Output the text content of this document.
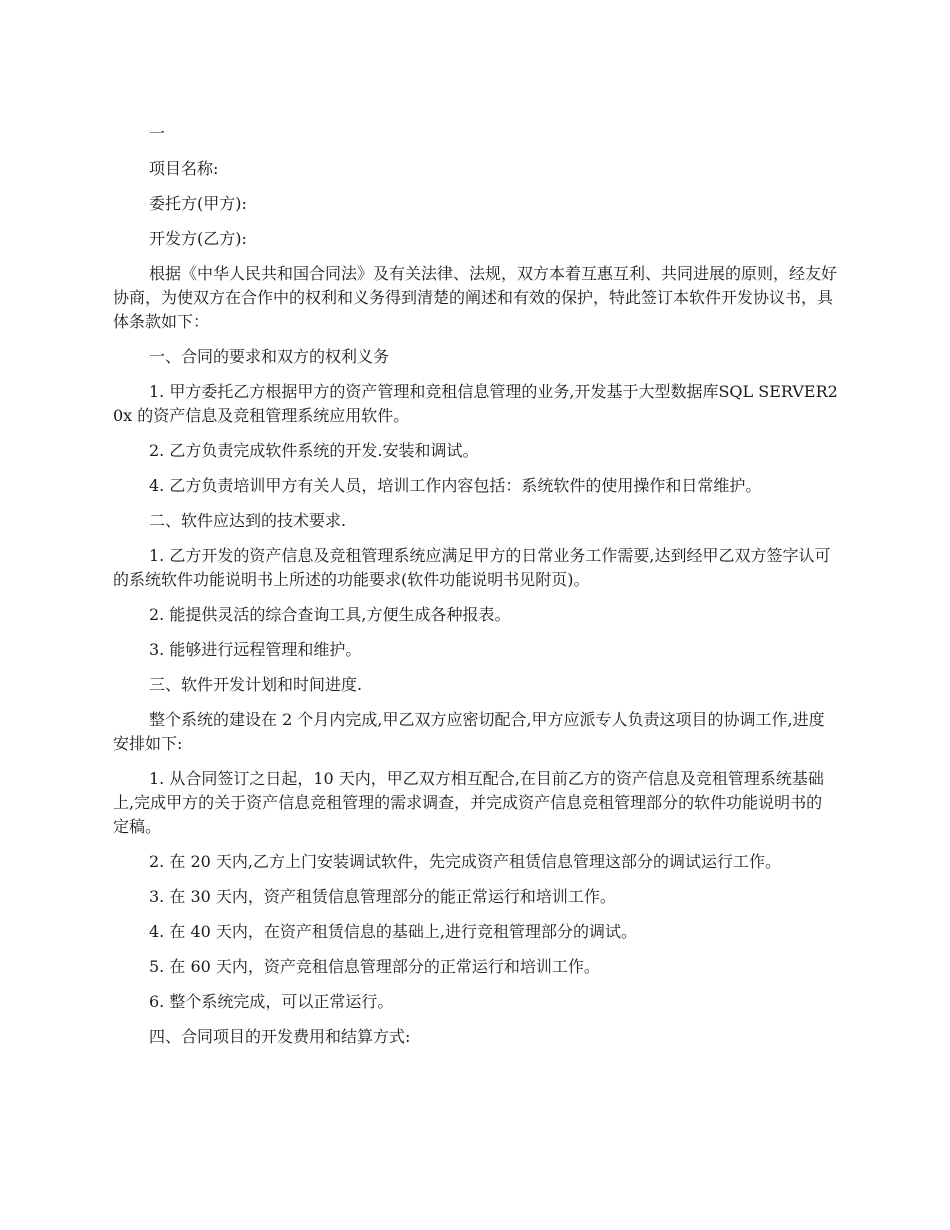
一

项目名称:

委托方(甲方):

开发方(乙方):

根据《中华人民共和国合同法》及有关法律、法规，双方本着互惠互利、共同进展的原则，经友好协商，为使双方在合作中的权利和义务得到清楚的阐述和有效的保护，特此签订本软件开发协议书，具体条款如下：

一、合同的要求和双方的权利义务

1. 甲方委托乙方根据甲方的资产管理和竞租信息管理的业务,开发基于大型数据库SQL SERVER20x 的资产信息及竞租管理系统应用软件。

2. 乙方负责完成软件系统的开发.安装和调试。

4. 乙方负责培训甲方有关人员，培训工作内容包括：系统软件的使用操作和日常维护。

二、软件应达到的技术要求.

1. 乙方开发的资产信息及竞租管理系统应满足甲方的日常业务工作需要,达到经甲乙双方签字认可的系统软件功能说明书上所述的功能要求(软件功能说明书见附页)。

2. 能提供灵活的综合查询工具,方便生成各种报表。

3. 能够进行远程管理和维护。

三、软件开发计划和时间进度.

整个系统的建设在 2 个月内完成,甲乙双方应密切配合,甲方应派专人负责这项目的协调工作,进度安排如下:

1. 从合同签订之日起，10 天内，甲乙双方相互配合,在目前乙方的资产信息及竞租管理系统基础上,完成甲方的关于资产信息竞租管理的需求调查，并完成资产信息竞租管理部分的软件功能说明书的定稿。

2. 在 20 天内,乙方上门安装调试软件，先完成资产租赁信息管理这部分的调试运行工作。

3. 在 30 天内，资产租赁信息管理部分的能正常运行和培训工作。

4. 在 40 天内，在资产租赁信息的基础上,进行竞租管理部分的调试。

5. 在 60 天内，资产竞租信息管理部分的正常运行和培训工作。

6. 整个系统完成，可以正常运行。

四、合同项目的开发费用和结算方式:
